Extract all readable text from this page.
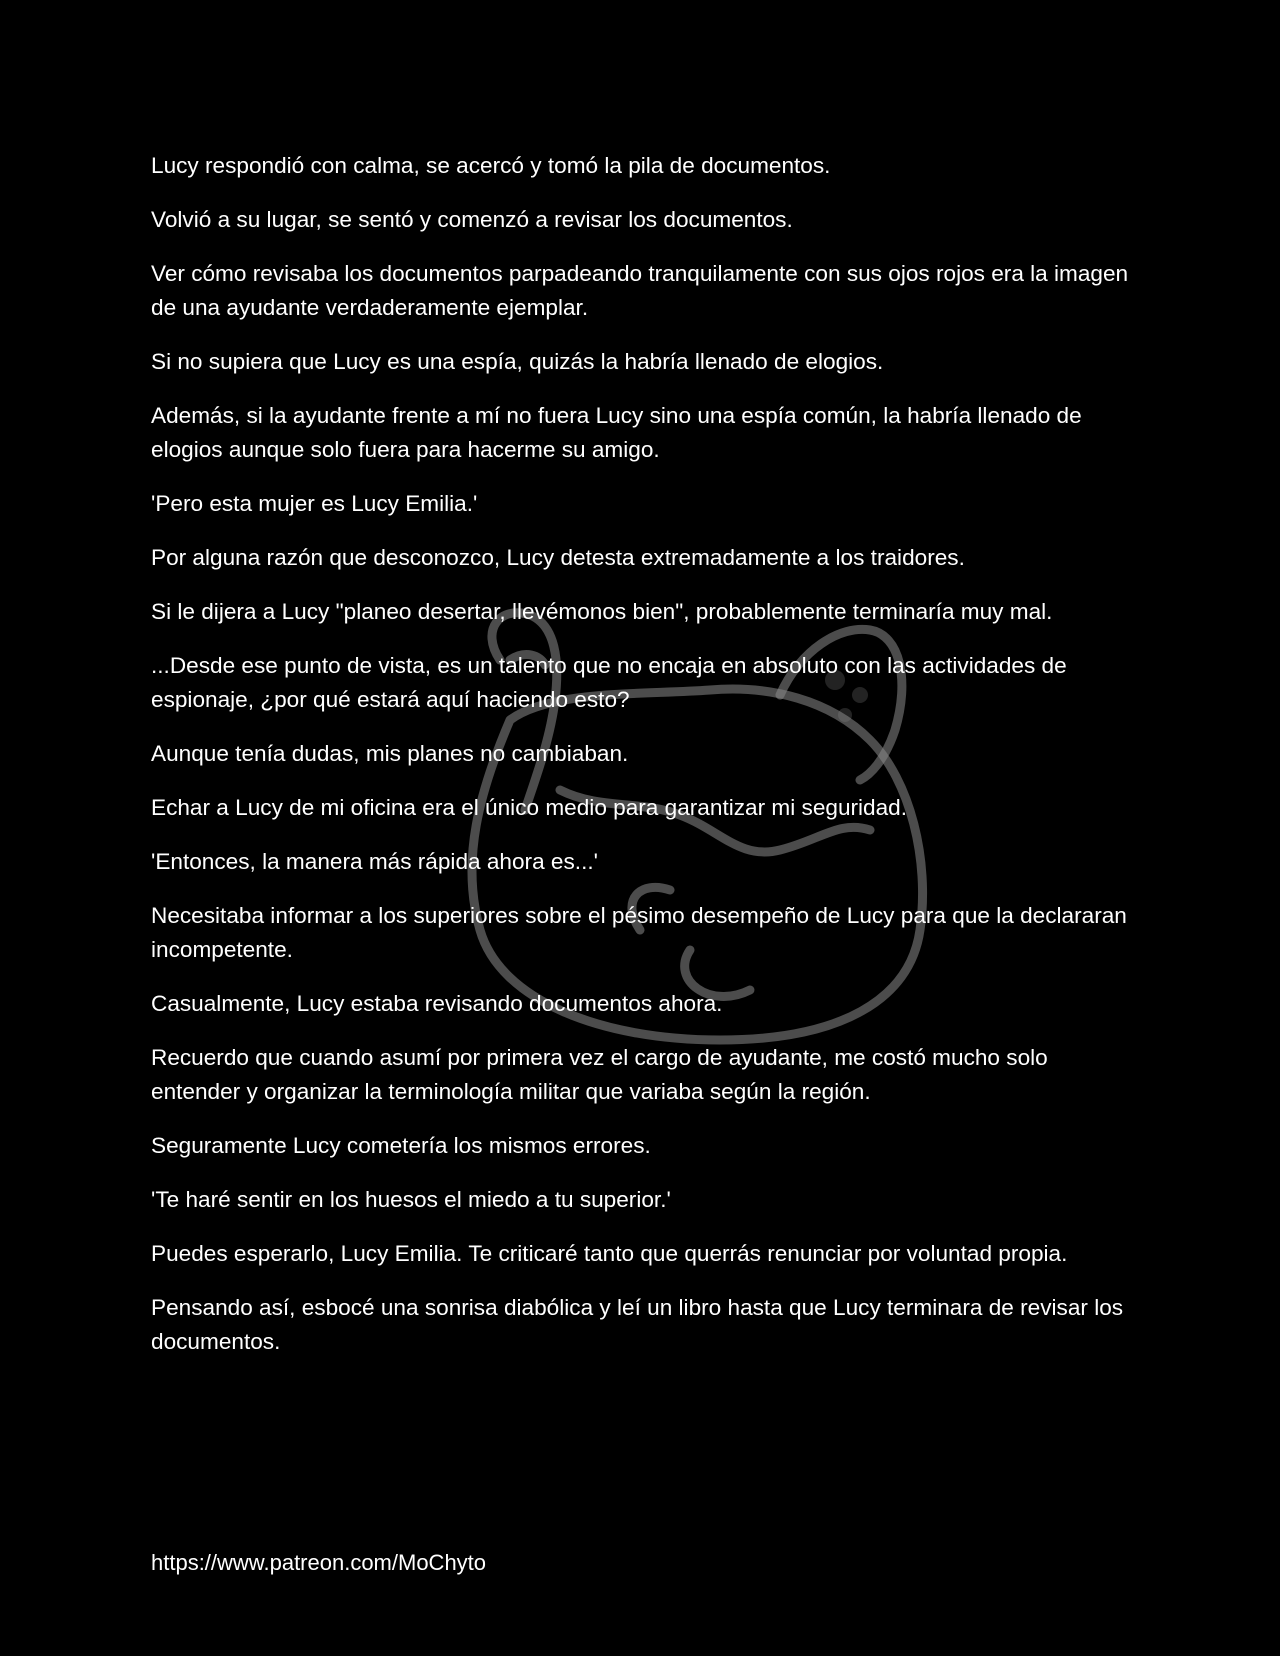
Lucy respondió con calma, se acercó y tomó la pila de documentos.

Volvió a su lugar, se sentó y comenzó a revisar los documentos.

Ver cómo revisaba los documentos parpadeando tranquilamente con sus ojos rojos era la imagen de una ayudante verdaderamente ejemplar.

Si no supiera que Lucy es una espía, quizás la habría llenado de elogios.

Además, si la ayudante frente a mí no fuera Lucy sino una espía común, la habría llenado de elogios aunque solo fuera para hacerme su amigo.

'Pero esta mujer es Lucy Emilia.'

Por alguna razón que desconozco, Lucy detesta extremadamente a los traidores.

Si le dijera a Lucy "planeo desertar, llevémonos bien", probablemente terminaría muy mal.

...Desde ese punto de vista, es un talento que no encaja en absoluto con las actividades de espionaje, ¿por qué estará aquí haciendo esto?

Aunque tenía dudas, mis planes no cambiaban.

Echar a Lucy de mi oficina era el único medio para garantizar mi seguridad.

'Entonces, la manera más rápida ahora es...'

Necesitaba informar a los superiores sobre el pésimo desempeño de Lucy para que la declararan incompetente.

Casualmente, Lucy estaba revisando documentos ahora.

Recuerdo que cuando asumí por primera vez el cargo de ayudante, me costó mucho solo entender y organizar la terminología militar que variaba según la región.

Seguramente Lucy cometería los mismos errores.

'Te haré sentir en los huesos el miedo a tu superior.'

Puedes esperarlo, Lucy Emilia. Te criticaré tanto que querrás renunciar por voluntad propia.

Pensando así, esbocé una sonrisa diabólica y leí un libro hasta que Lucy terminara de revisar los documentos.

https://www.patreon.com/MoChyto
